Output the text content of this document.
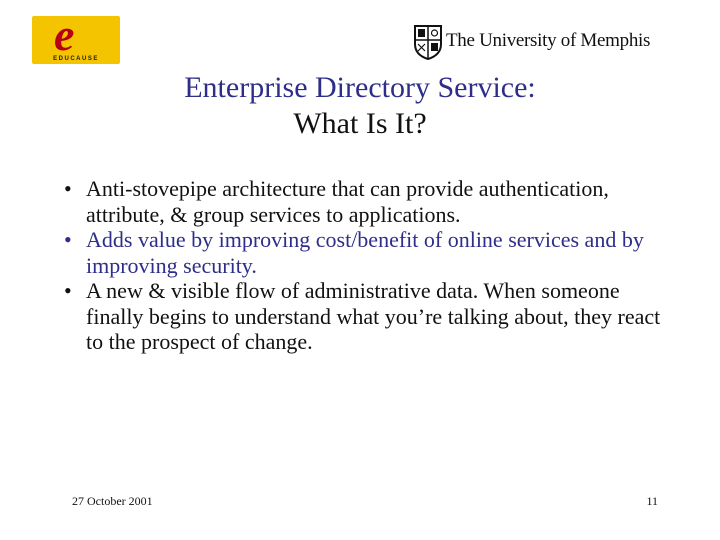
e
EDUCAUSE
The University of Memphis
Enterprise Directory Service:
What Is It?
• Anti-stovepipe architecture that can provide authentication, attribute, & group services to applications.
• Adds value by improving cost/benefit of online services and by improving security.
• A new & visible flow of administrative data. When someone finally begins to understand what you’re talking about, they react to the prospect of change.
27 October 2001	11
